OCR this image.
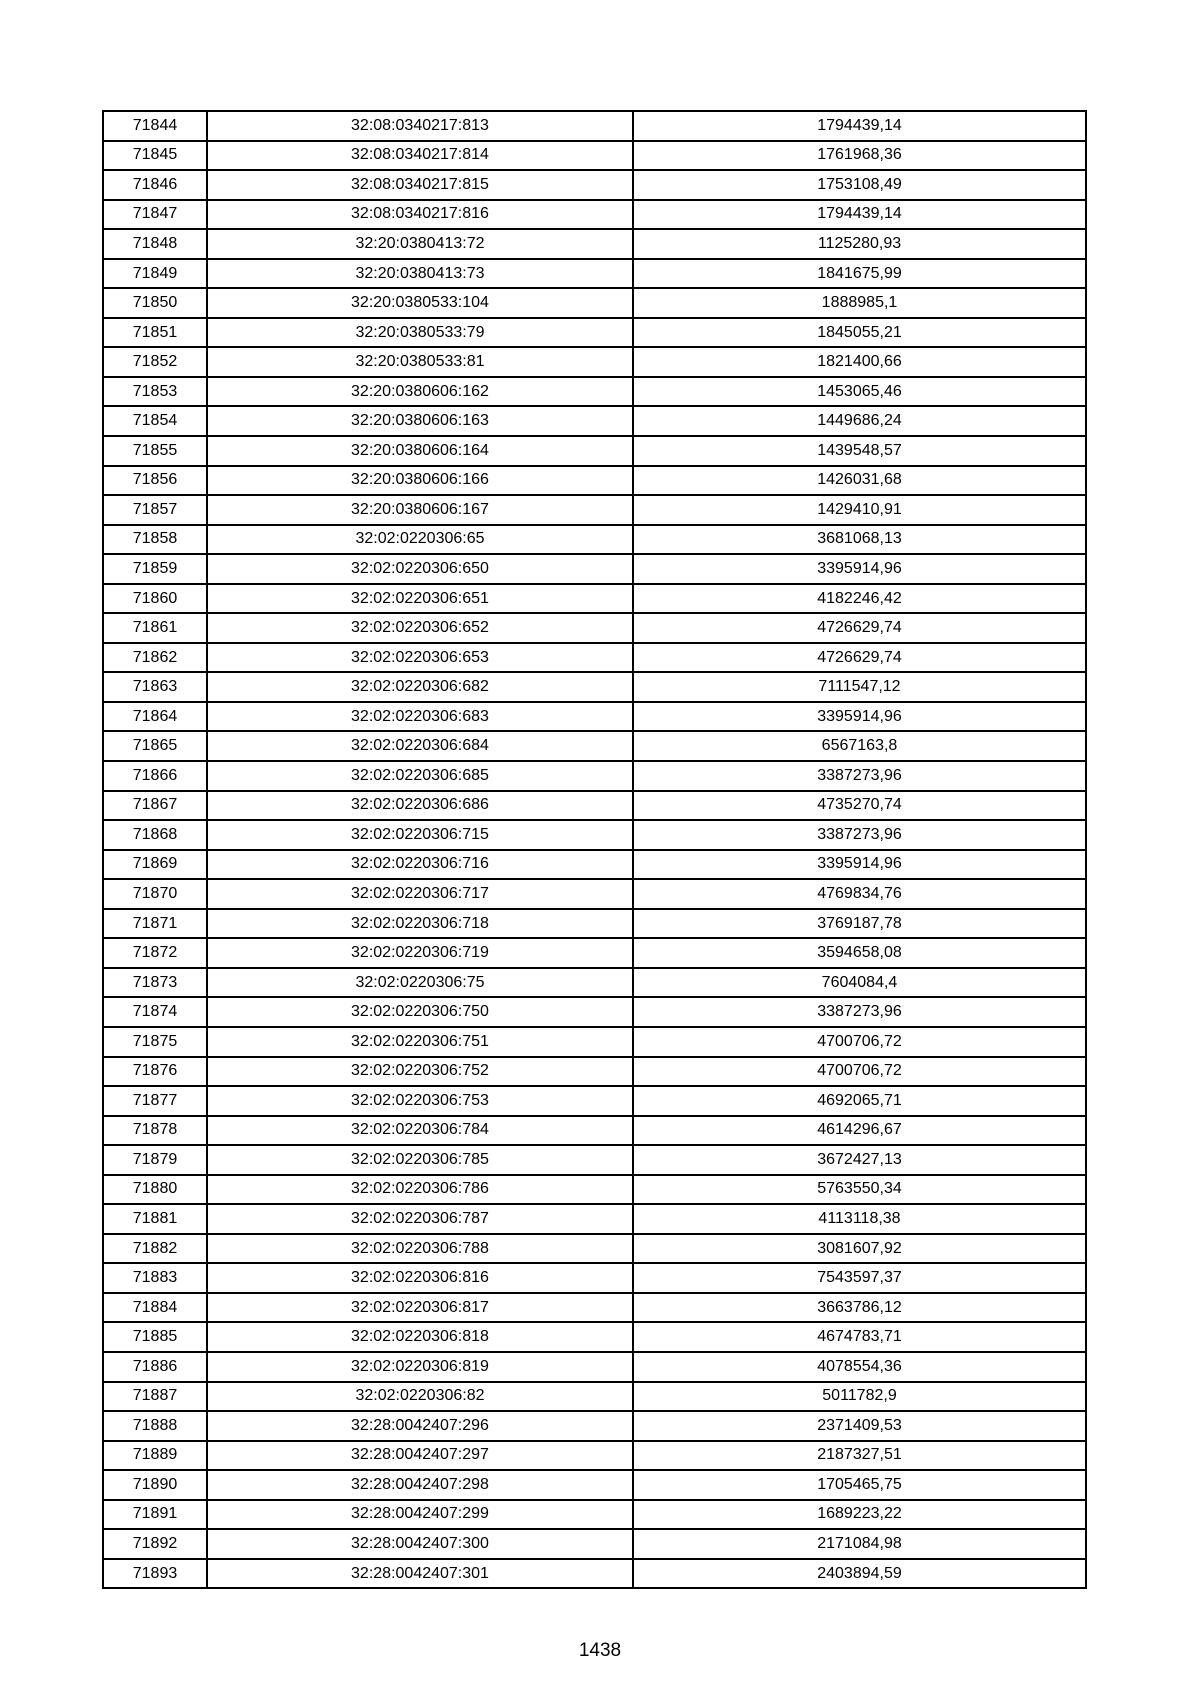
71844	32:08:0340217:813	1794439,14
71845	32:08:0340217:814	1761968,36
71846	32:08:0340217:815	1753108,49
71847	32:08:0340217:816	1794439,14
71848	32:20:0380413:72	1125280,93
71849	32:20:0380413:73	1841675,99
71850	32:20:0380533:104	1888985,1
71851	32:20:0380533:79	1845055,21
71852	32:20:0380533:81	1821400,66
71853	32:20:0380606:162	1453065,46
71854	32:20:0380606:163	1449686,24
71855	32:20:0380606:164	1439548,57
71856	32:20:0380606:166	1426031,68
71857	32:20:0380606:167	1429410,91
71858	32:02:0220306:65	3681068,13
71859	32:02:0220306:650	3395914,96
71860	32:02:0220306:651	4182246,42
71861	32:02:0220306:652	4726629,74
71862	32:02:0220306:653	4726629,74
71863	32:02:0220306:682	7111547,12
71864	32:02:0220306:683	3395914,96
71865	32:02:0220306:684	6567163,8
71866	32:02:0220306:685	3387273,96
71867	32:02:0220306:686	4735270,74
71868	32:02:0220306:715	3387273,96
71869	32:02:0220306:716	3395914,96
71870	32:02:0220306:717	4769834,76
71871	32:02:0220306:718	3769187,78
71872	32:02:0220306:719	3594658,08
71873	32:02:0220306:75	7604084,4
71874	32:02:0220306:750	3387273,96
71875	32:02:0220306:751	4700706,72
71876	32:02:0220306:752	4700706,72
71877	32:02:0220306:753	4692065,71
71878	32:02:0220306:784	4614296,67
71879	32:02:0220306:785	3672427,13
71880	32:02:0220306:786	5763550,34
71881	32:02:0220306:787	4113118,38
71882	32:02:0220306:788	3081607,92
71883	32:02:0220306:816	7543597,37
71884	32:02:0220306:817	3663786,12
71885	32:02:0220306:818	4674783,71
71886	32:02:0220306:819	4078554,36
71887	32:02:0220306:82	5011782,9
71888	32:28:0042407:296	2371409,53
71889	32:28:0042407:297	2187327,51
71890	32:28:0042407:298	1705465,75
71891	32:28:0042407:299	1689223,22
71892	32:28:0042407:300	2171084,98
71893	32:28:0042407:301	2403894,59
1438
